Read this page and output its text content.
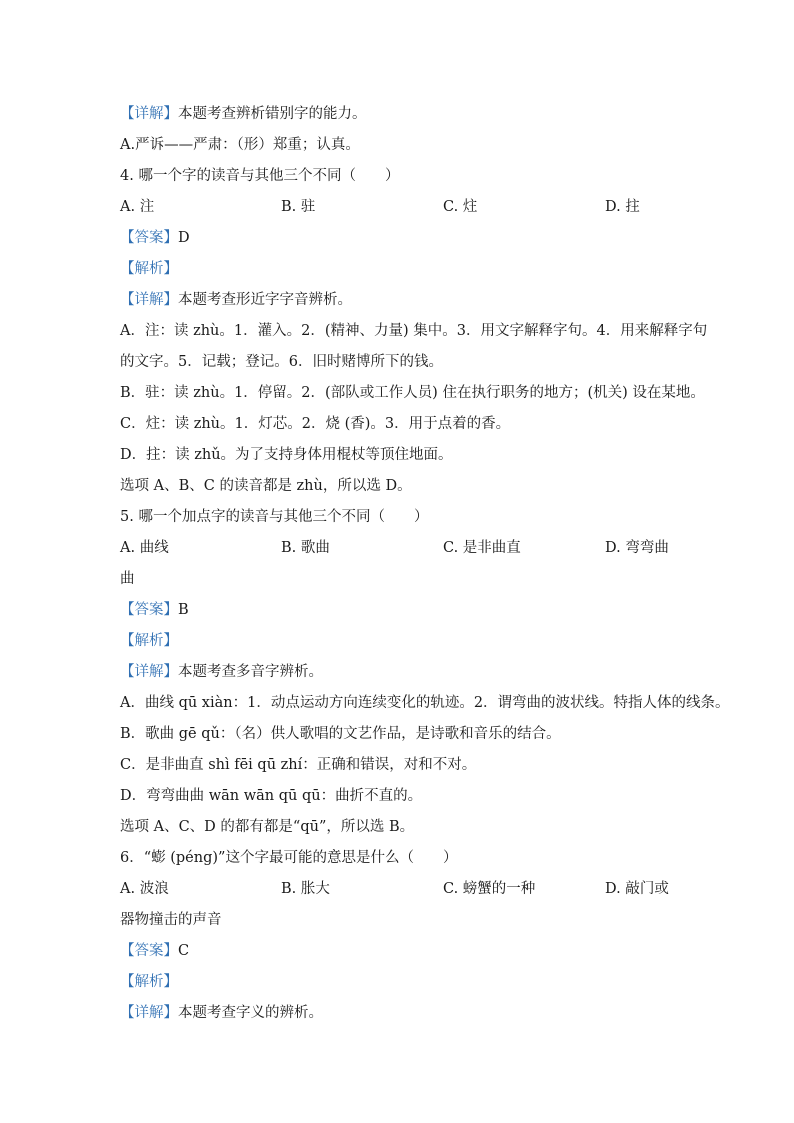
【详解】本题考查辨析错别字的能力。
A.严诉——严肃：（形）郑重；认真。
4. 哪一个字的读音与其他三个不同（　　）
A. 注	B. 驻	C. 炷	D. 拄
【答案】D
【解析】
【详解】本题考查形近字字音辨析。
A．注：读 zhù。1．灌入。2．(精神、力量) 集中。3．用文字解释字句。4．用来解释字句
的文字。5．记载；登记。6．旧时赌博所下的钱。
B．驻：读 zhù。1．停留。2．(部队或工作人员) 住在执行职务的地方；(机关) 设在某地。
C．炷：读 zhù。1．灯芯。2．烧 (香)。3．用于点着的香。
D．拄：读 zhǔ。为了支持身体用棍杖等顶住地面。
选项 A、B、C 的读音都是 zhù，所以选 D。
5. 哪一个加点字的读音与其他三个不同（　　）
A. 曲线	B. 歌曲	C. 是非曲直	D. 弯弯曲
曲
【答案】B
【解析】
【详解】本题考查多音字辨析。
A．曲线 qū xiàn：1．动点运动方向连续变化的轨迹。2．谓弯曲的波状线。特指人体的线条。
B．歌曲 gē qǔ：（名）供人歌唱的文艺作品，是诗歌和音乐的结合。
C．是非曲直 shì fēi qū zhí：正确和错误，对和不对。
D．弯弯曲曲 wān wān qū qū：曲折不直的。
选项 A、C、D 的都有都是“qū”，所以选 B。
6．“蟛 (péng)”这个字最可能的意思是什么（　　）
A. 波浪	B. 胀大	C. 螃蟹的一种	D. 敲门或
器物撞击的声音
【答案】C
【解析】
【详解】本题考查字义的辨析。
